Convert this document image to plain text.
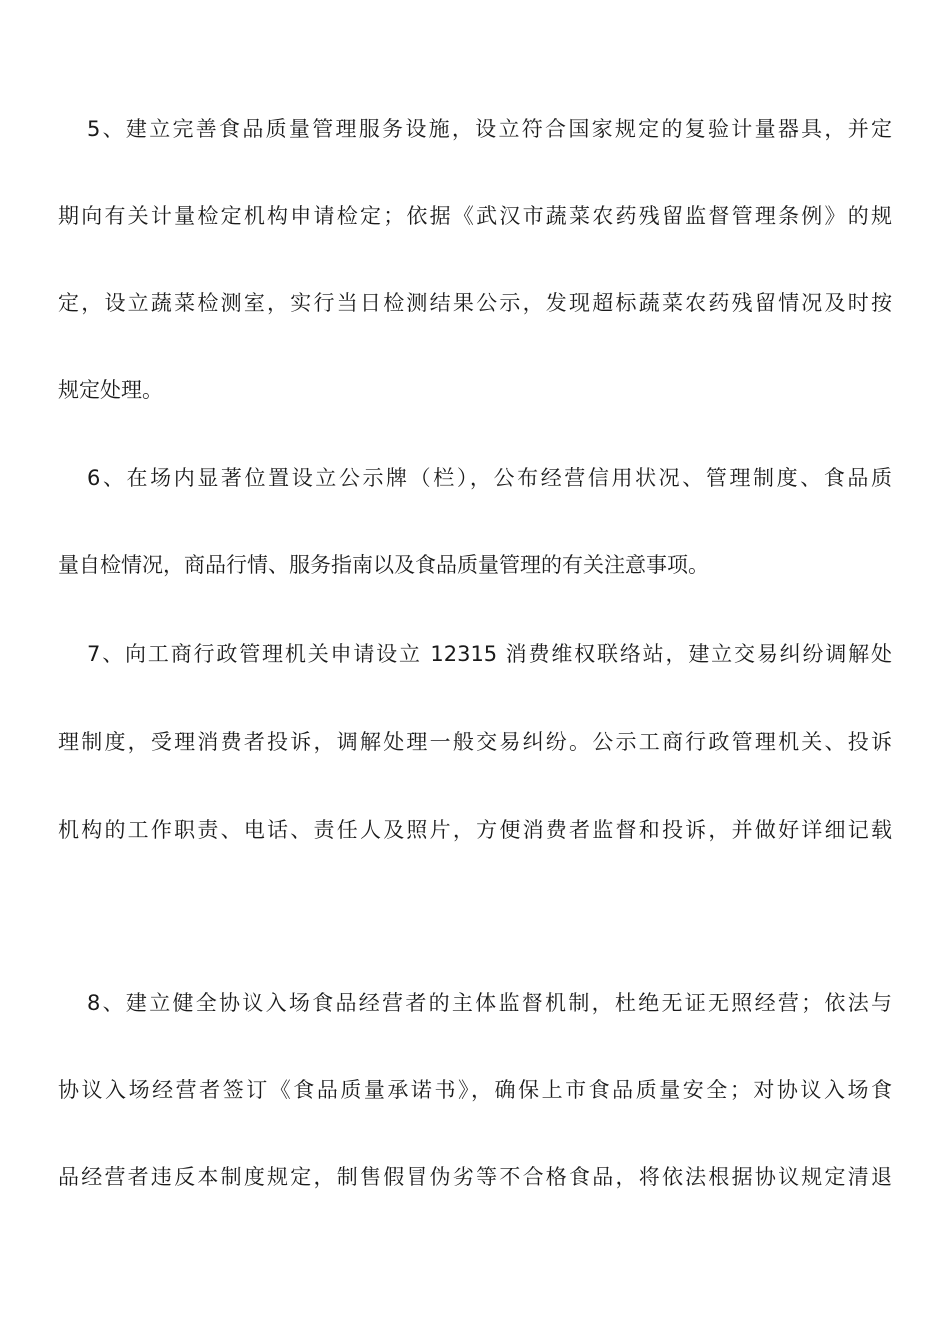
5、建立完善食品质量管理服务设施，设立符合国家规定的复验计量器具，并定
期向有关计量检定机构申请检定；依据《武汉市蔬菜农药残留监督管理条例》的规
定，设立蔬菜检测室，实行当日检测结果公示，发现超标蔬菜农药残留情况及时按
规定处理。
6、在场内显著位置设立公示牌（栏），公布经营信用状况、管理制度、食品质
量自检情况，商品行情、服务指南以及食品质量管理的有关注意事项。
7、向工商行政管理机关申请设立 12315 消费维权联络站，建立交易纠纷调解处
理制度，受理消费者投诉，调解处理一般交易纠纷。公示工商行政管理机关、投诉
机构的工作职责、电话、责任人及照片，方便消费者监督和投诉，并做好详细记载
8、建立健全协议入场食品经营者的主体监督机制，杜绝无证无照经营；依法与
协议入场经营者签订《食品质量承诺书》，确保上市食品质量安全；对协议入场食
品经营者违反本制度规定，制售假冒伪劣等不合格食品，将依法根据协议规定清退
